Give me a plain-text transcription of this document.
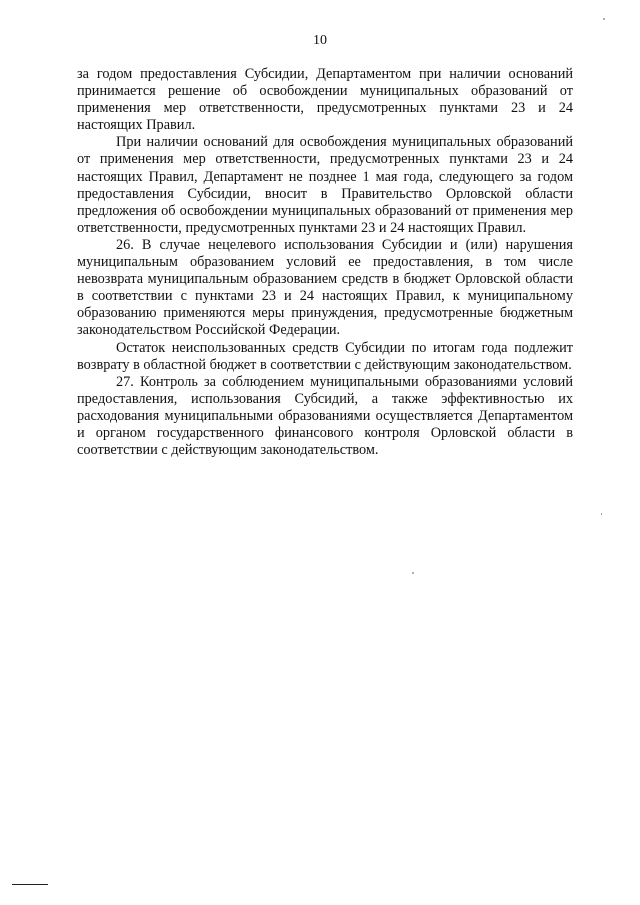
10

за годом предоставления Субсидии, Департаментом при наличии оснований принимается решение об освобождении муниципальных образований от применения мер ответственности, предусмотренных пунктами 23 и 24 настоящих Правил.

При наличии оснований для освобождения муниципальных образований от применения мер ответственности, предусмотренных пунктами 23 и 24 настоящих Правил, Департамент не позднее 1 мая года, следующего за годом предоставления Субсидии, вносит в Правительство Орловской области предложения об освобождении муниципальных образований от применения мер ответственности, предусмотренных пунктами 23 и 24 настоящих Правил.

26. В случае нецелевого использования Субсидии и (или) нарушения муниципальным образованием условий ее предоставления, в том числе невозврата муниципальным образованием средств в бюджет Орловской области в соответствии с пунктами 23 и 24 настоящих Правил, к муниципальному образованию применяются меры принуждения, предусмотренные бюджетным законодательством Российской Федерации.

Остаток неиспользованных средств Субсидии по итогам года подлежит возврату в областной бюджет в соответствии с действующим законодательством.

27. Контроль за соблюдением муниципальными образованиями условий предоставления, использования Субсидий, а также эффективностью их расходования муниципальными образованиями осуществляется Департаментом и органом государственного финансового контроля Орловской области в соответствии с действующим законодательством.
